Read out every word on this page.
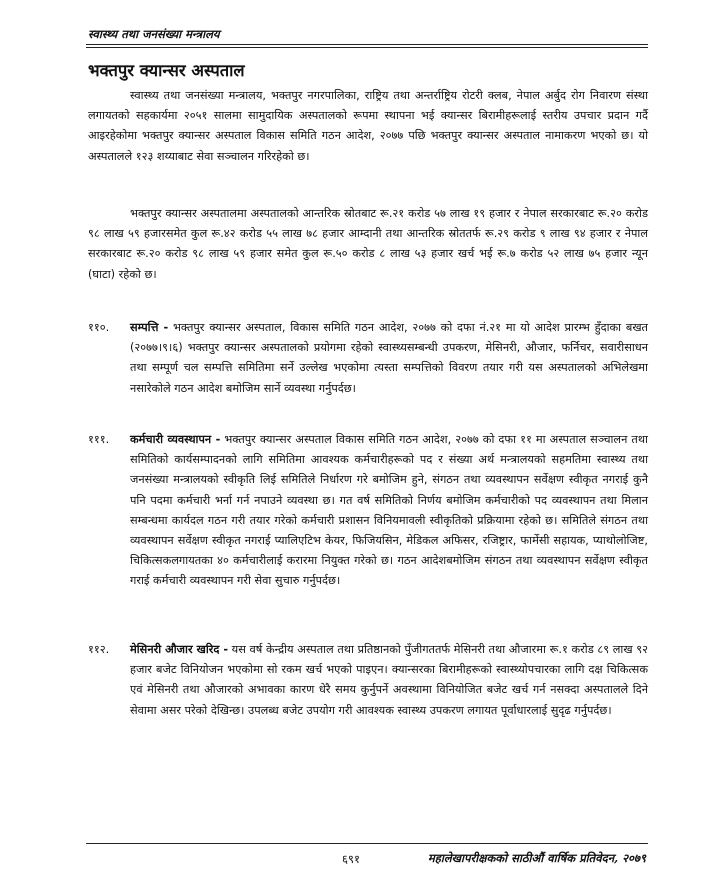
स्वास्थ्य तथा जनसंख्या मन्त्रालय
भक्तपुर क्यान्सर अस्पताल

स्वास्थ्य तथा जनसंख्या मन्त्रालय, भक्तपुर नगरपालिका, राष्ट्रिय तथा अन्तर्राष्ट्रिय रोटरी क्लब, नेपाल अर्बुद रोग निवारण संस्था लगायतको सहकार्यमा २०५१ सालमा सामुदायिक अस्पतालको रूपमा स्थापना भई क्यान्सर बिरामीहरूलाई स्तरीय उपचार प्रदान गर्दै आइरहेकोमा भक्तपुर क्यान्सर अस्पताल विकास समिति गठन आदेश, २०७७ पछि भक्तपुर क्यान्सर अस्पताल नामाकरण भएको छ। यो अस्पतालले १२३ शय्याबाट सेवा सञ्चालन गरिरहेको छ।

भक्तपुर क्यान्सर अस्पतालमा अस्पतालको आन्तरिक स्रोतबाट रू.२१ करोड ५७ लाख १९ हजार र नेपाल सरकारबाट रू.२० करोड ९८ लाख ५९ हजारसमेत कुल रू.४२ करोड ५५ लाख ७८ हजार आम्दानी तथा आन्तरिक स्रोततर्फ रू.२९ करोड ९ लाख ९४ हजार र नेपाल सरकारबाट रू.२० करोड ९८ लाख ५९ हजार समेत कुल रू.५० करोड ८ लाख ५३ हजार खर्च भई रू.७ करोड ५२ लाख ७५ हजार न्यून (घाटा) रहेको छ।

११०.	सम्पत्ति - भक्तपुर क्यान्सर अस्पताल, विकास समिति गठन आदेश, २०७७ को दफा नं.२१ मा यो आदेश प्रारम्भ हुँदाका बखत (२०७७।९।६) भक्तपुर क्यान्सर अस्पतालको प्रयोगमा रहेको स्वास्थ्यसम्बन्धी उपकरण, मेसिनरी, औजार, फर्निचर, सवारीसाधन तथा सम्पूर्ण चल सम्पत्ति समितिमा सर्ने उल्लेख भएकोमा त्यस्ता सम्पत्तिको विवरण तयार गरी यस अस्पतालको अभिलेखमा नसारेकोले गठन आदेश बमोजिम सार्ने व्यवस्था गर्नुपर्दछ।
१११.	कर्मचारी व्यवस्थापन - भक्तपुर क्यान्सर अस्पताल विकास समिति गठन आदेश, २०७७ को दफा ११ मा अस्पताल सञ्चालन तथा समितिको कार्यसम्पादनको लागि समितिमा आवश्यक कर्मचारीहरूको पद र संख्या अर्थ मन्त्रालयको सहमतिमा स्वास्थ्य तथा जनसंख्या मन्त्रालयको स्वीकृति लिई समितिले निर्धारण गरे बमोजिम हुने, संगठन तथा व्यवस्थापन सर्वेक्षण स्वीकृत नगराई कुनै पनि पदमा कर्मचारी भर्ना गर्न नपाउने व्यवस्था छ। गत वर्ष समितिको निर्णय बमोजिम कर्मचारीको पद व्यवस्थापन तथा मिलान सम्बन्धमा कार्यदल गठन गरी तयार गरेको कर्मचारी प्रशासन विनियमावली स्वीकृतिको प्रक्रियामा रहेको छ। समितिले संगठन तथा व्यवस्थापन सर्वेक्षण स्वीकृत नगराई प्यालिएटिभ केयर, फिजियसिन, मेडिकल अफिसर, रजिष्ट्रार, फार्मेसी सहायक, प्याथोलोजिष्ट, चिकित्सकलगायतका ४० कर्मचारीलाई करारमा नियुक्त गरेको छ। गठन आदेशबमोजिम संगठन तथा व्यवस्थापन सर्वेक्षण स्वीकृत गराई कर्मचारी व्यवस्थापन गरी सेवा सुचारु गर्नुपर्दछ।
११२.	मेसिनरी औजार खरिद - यस वर्ष केन्द्रीय अस्पताल तथा प्रतिष्ठानको पुँजीगततर्फ मेसिनरी तथा औजारमा रू.१ करोड ८९ लाख ९२ हजार बजेट विनियोजन भएकोमा सो रकम खर्च भएको पाइएन। क्यान्सरका बिरामीहरूको स्वास्थ्योपचारका लागि दक्ष चिकित्सक एवं मेसिनरी तथा औजारको अभावका कारण धेरै समय कुर्नुपर्ने अवस्थामा विनियोजित बजेट खर्च गर्न नसक्दा अस्पतालले दिने सेवामा असर परेको देखिन्छ। उपलब्ध बजेट उपयोग गरी आवश्यक स्वास्थ्य उपकरण लगायत पूर्वाधारलाई सुदृढ गर्नुपर्दछ।
६९१	महालेखापरीक्षकको साठीऔं वार्षिक प्रतिवेदन, २०७९
